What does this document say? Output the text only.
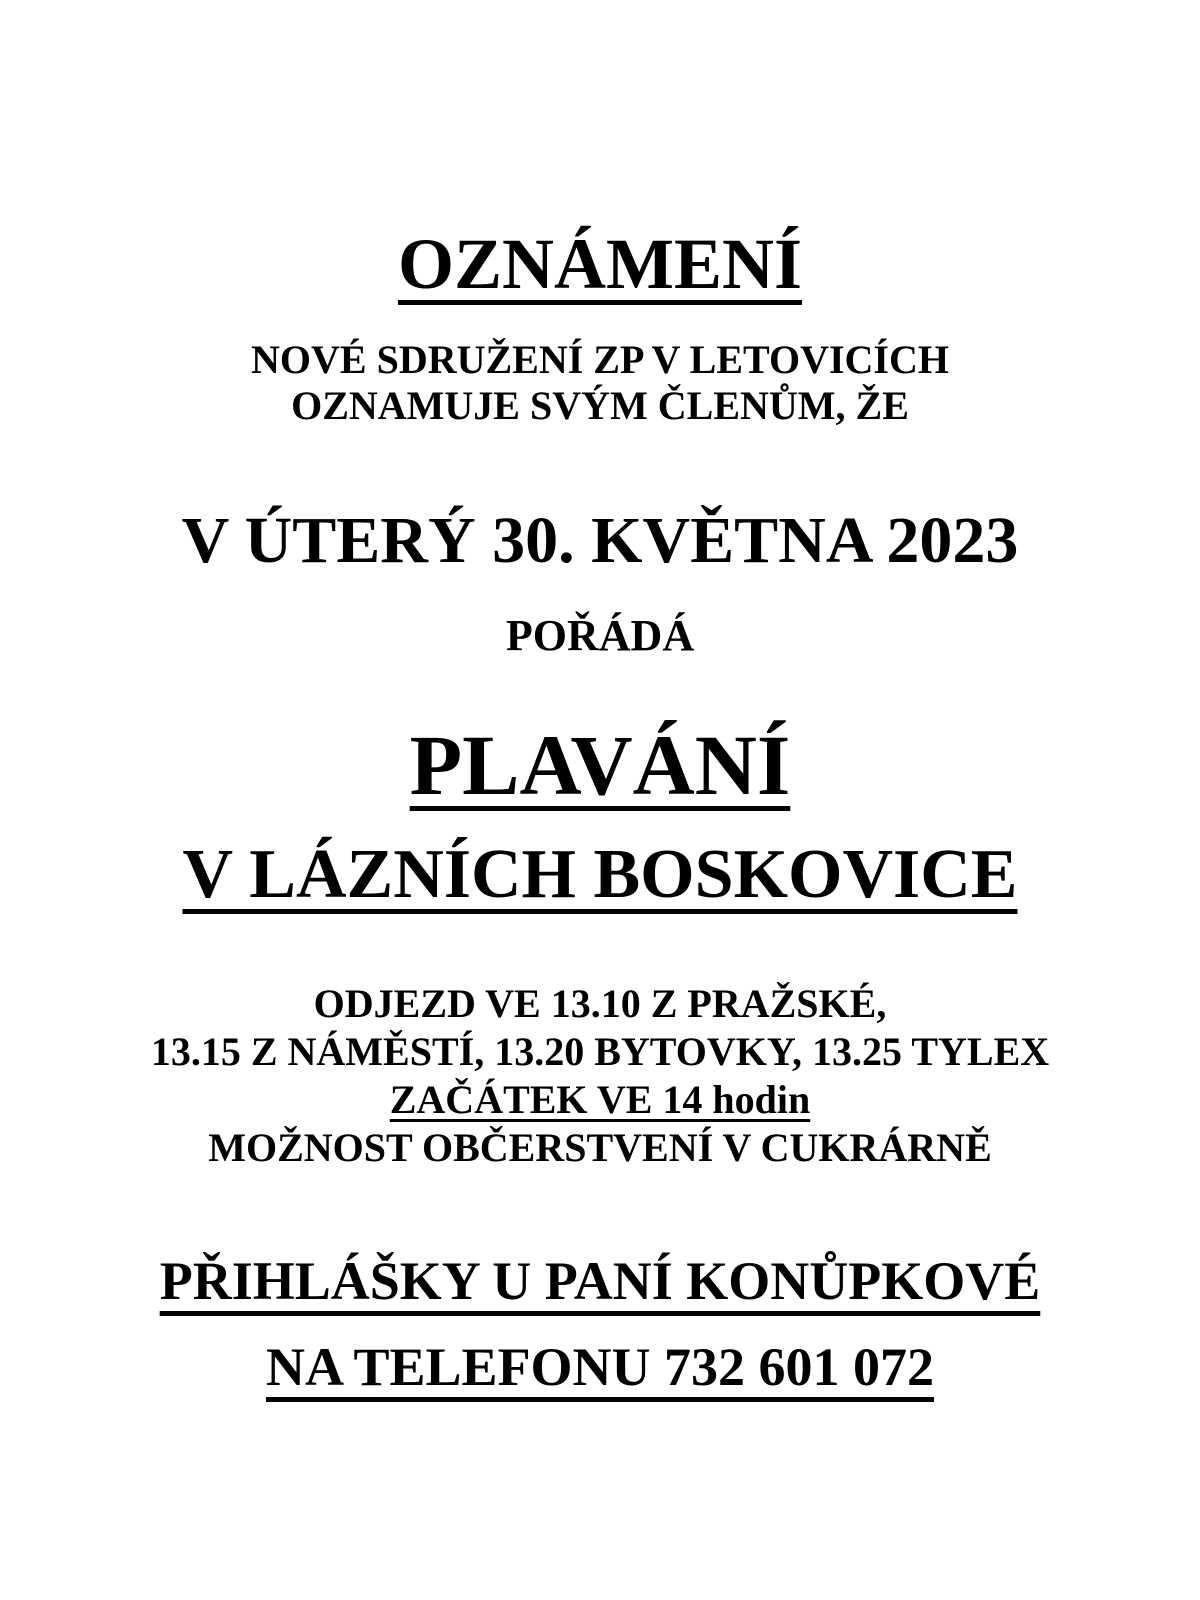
OZNÁMENÍ
NOVÉ SDRUŽENÍ ZP V LETOVICÍCH
OZNAMUJE SVÝM ČLENŮM, ŽE
V ÚTERÝ 30. KVĚTNA 2023
POŘÁDÁ
PLAVÁNÍ
V LÁZNÍCH BOSKOVICE
ODJEZD VE 13.10 Z PRAŽSKÉ,
13.15 Z NÁMĚSTÍ, 13.20 BYTOVKY, 13.25 TYLEX
ZAČÁTEK VE 14 hodin
MOŽNOST OBČERSTVENÍ V CUKRÁRNĚ
PŘIHLÁŠKY U PANÍ KONŮPKOVÉ
NA TELEFONU 732 601 072
